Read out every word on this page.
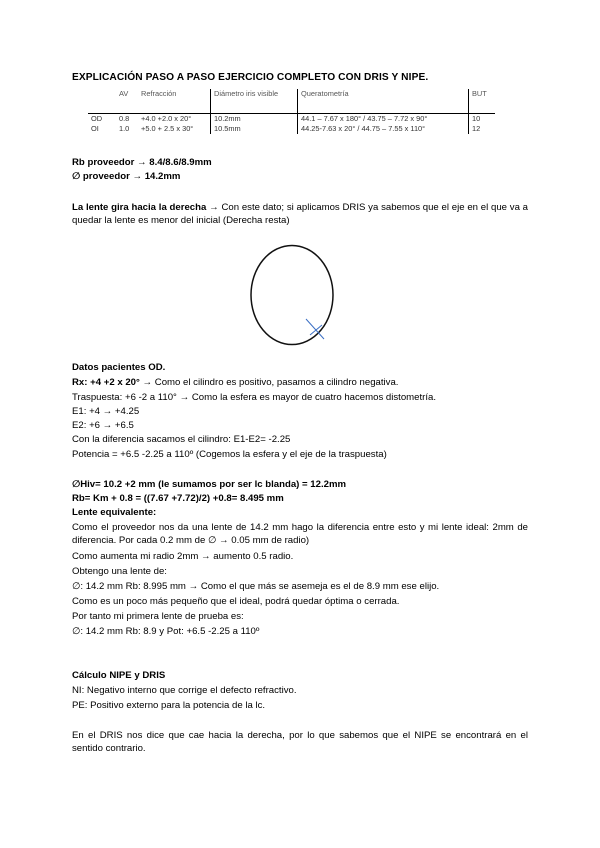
EXPLICACIÓN PASO A PASO EJERCICIO COMPLETO CON DRIS Y NIPE.
	AV	Refracción	Diámetro iris visible	Queratometría	BUT
OD	0.8	+4.0 +2.0 x 20°	10.2mm	44.1 – 7.67 x 180° / 43.75 – 7.72 x 90°	10
OI	1.0	+5.0 + 2.5 x 30°	10.5mm	44.25-7.63 x 20° / 44.75 – 7.55 x 110°	12
Rb proveedor → 8.4/8.6/8.9mm
∅ proveedor → 14.2mm
La lente gira hacia la derecha → Con este dato; si aplicamos DRIS ya sabemos que el eje en el que va a quedar la lente es menor del inicial (Derecha resta)
Datos pacientes OD.
Rx: +4 +2 x 20° → Como el cilindro es positivo, pasamos a cilindro negativa.
Traspuesta: +6 -2 a 110° → Como la esfera es mayor de cuatro hacemos distometría.
E1: +4 → +4.25
E2: +6 → +6.5
Con la diferencia sacamos el cilindro: E1-E2= -2.25
Potencia = +6.5 -2.25 a 110º (Cogemos la esfera y el eje de la traspuesta)
∅Hiv= 10.2 +2 mm (le sumamos por ser lc blanda) = 12.2mm
Rb= Km + 0.8 = ((7.67 +7.72)/2) +0.8= 8.495 mm
Lente equivalente:
Como el proveedor nos da una lente de 14.2 mm hago la diferencia entre esto y mi lente ideal: 2mm de diferencia. Por cada 0.2 mm de ∅ → 0.05 mm de radio)
Como aumenta mi radio 2mm → aumento 0.5 radio.
Obtengo una lente de:
∅: 14.2 mm Rb: 8.995 mm → Como el que más se asemeja es el de 8.9 mm ese elijo.
Como es un poco más pequeño que el ideal, podrá quedar óptima o cerrada.
Por tanto mi primera lente de prueba es:
∅: 14.2 mm Rb: 8.9 y Pot: +6.5 -2.25 a 110º
Cálculo NIPE y DRIS
NI: Negativo interno que corrige el defecto refractivo.
PE: Positivo externo para la potencia de la lc.
En el DRIS nos dice que cae hacia la derecha, por lo que sabemos que el NIPE se encontrará en el sentido contrario.
